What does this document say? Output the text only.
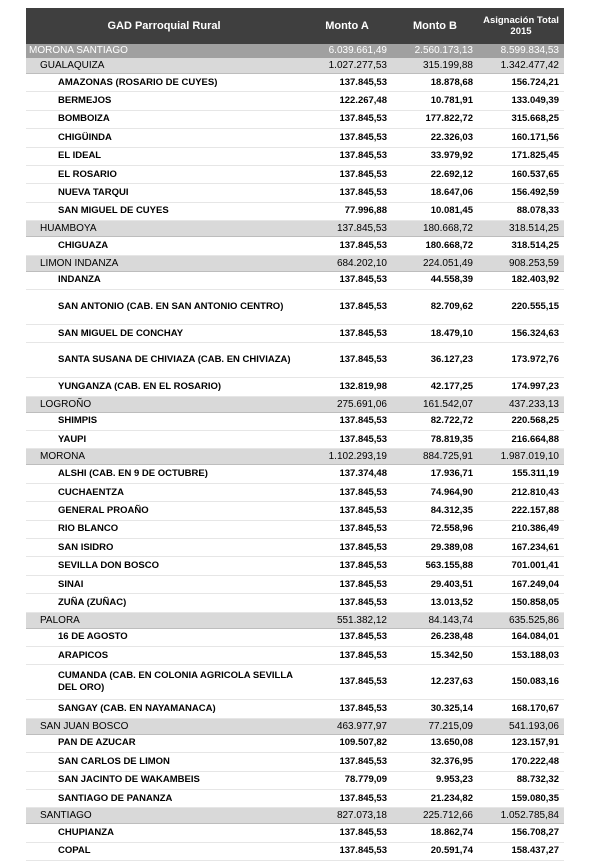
GAD Parroquial Rural	Monto A	Monto B	Asignación Total 2015
MORONA SANTIAGO	6.039.661,49	2.560.173,13	8.599.834,53
GUALAQUIZA	1.027.277,53	315.199,88	1.342.477,42
AMAZONAS (ROSARIO DE CUYES)	137.845,53	18.878,68	156.724,21
BERMEJOS	122.267,48	10.781,91	133.049,39
BOMBOIZA	137.845,53	177.822,72	315.668,25
CHIGÜINDA	137.845,53	22.326,03	160.171,56
EL IDEAL	137.845,53	33.979,92	171.825,45
EL ROSARIO	137.845,53	22.692,12	160.537,65
NUEVA TARQUI	137.845,53	18.647,06	156.492,59
SAN MIGUEL DE CUYES	77.996,88	10.081,45	88.078,33
HUAMBOYA	137.845,53	180.668,72	318.514,25
CHIGUAZA	137.845,53	180.668,72	318.514,25
LIMON INDANZA	684.202,10	224.051,49	908.253,59
INDANZA	137.845,53	44.558,39	182.403,92
SAN ANTONIO (CAB. EN SAN ANTONIO CENTRO)	137.845,53	82.709,62	220.555,15
SAN MIGUEL DE CONCHAY	137.845,53	18.479,10	156.324,63
SANTA SUSANA DE CHIVIAZA (CAB. EN CHIVIAZA)	137.845,53	36.127,23	173.972,76
YUNGANZA (CAB. EN EL ROSARIO)	132.819,98	42.177,25	174.997,23
LOGROÑO	275.691,06	161.542,07	437.233,13
SHIMPIS	137.845,53	82.722,72	220.568,25
YAUPI	137.845,53	78.819,35	216.664,88
MORONA	1.102.293,19	884.725,91	1.987.019,10
ALSHI (CAB. EN 9 DE OCTUBRE)	137.374,48	17.936,71	155.311,19
CUCHAENTZA	137.845,53	74.964,90	212.810,43
GENERAL PROAÑO	137.845,53	84.312,35	222.157,88
RIO BLANCO	137.845,53	72.558,96	210.386,49
SAN ISIDRO	137.845,53	29.389,08	167.234,61
SEVILLA DON BOSCO	137.845,53	563.155,88	701.001,41
SINAI	137.845,53	29.403,51	167.249,04
ZUÑA (ZUÑAC)	137.845,53	13.013,52	150.858,05
PALORA	551.382,12	84.143,74	635.525,86
16 DE AGOSTO	137.845,53	26.238,48	164.084,01
ARAPICOS	137.845,53	15.342,50	153.188,03
CUMANDA (CAB. EN COLONIA AGRICOLA SEVILLA DEL ORO)	137.845,53	12.237,63	150.083,16
SANGAY (CAB. EN NAYAMANACA)	137.845,53	30.325,14	168.170,67
SAN JUAN BOSCO	463.977,97	77.215,09	541.193,06
PAN DE AZUCAR	109.507,82	13.650,08	123.157,91
SAN CARLOS DE LIMON	137.845,53	32.376,95	170.222,48
SAN JACINTO DE WAKAMBEIS	78.779,09	9.953,23	88.732,32
SANTIAGO DE PANANZA	137.845,53	21.234,82	159.080,35
SANTIAGO	827.073,18	225.712,66	1.052.785,84
CHUPIANZA	137.845,53	18.862,74	156.708,27
COPAL	137.845,53	20.591,74	158.437,27
